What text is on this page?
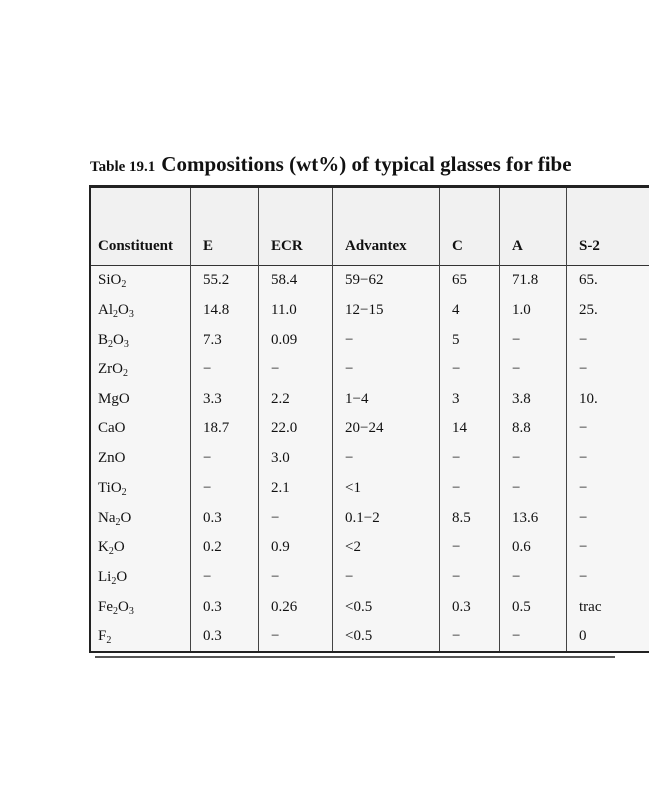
Table 19.1 Compositions (wt%) of typical glasses for fibe
Constituent E	ECR	Advantex	C	A	S-2
SiO$_2$	55.2	58.4	59−62	65	71.8	65.
$Al_2O_3$	14.8	11.0	12−15	4	1.0	25.
$B_2O_3$	7.3	0.09	−	5	−	−
ZrO$_2$	−	−	−	−	−	−
MgO	3.3	2.2	1−4	3	3.8	10.
CaO	18.7	22.0	20−24	14	8.8	−
ZnO	−	3.0	−	−	−	−
TiO$_2$	−	2.1	<1	−	−	−
$Na_2O$	0.3	−	0.1−2	8.5	13.6	−
$K_2O$	0.2	0.9	<2	−	0.6	−
$Li_2O$	−	−	−	−	−	−
$Fe_2O_3$	0.3	0.26	<0.5	0.3	0.5	trac
$F_2$	0.3	−	<0.5	−	−	0
